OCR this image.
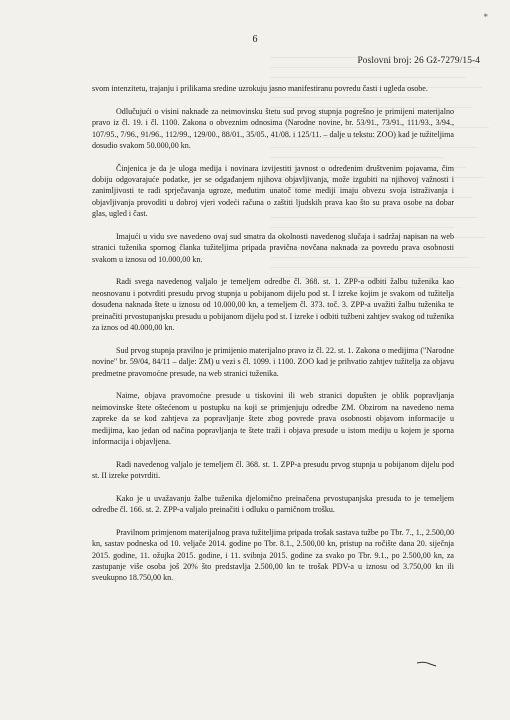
*
6
Poslovni broj: 26 Gž-7279/15-4

svom intenzitetu, trajanju i prilikama sredine uzrokuju jasno manifestiranu povredu časti i ugleda osobe.

Odlučujući o visini naknade za neimovinsku štetu sud prvog stupnja pogrešno je primijeni materijalno pravo iz čl. 19. i čl. 1100. Zakona o obveznim odnosima (Narodne novine, br. 53/91., 73/91., 111/93., 3/94., 107/95., 7/96., 91/96., 112/99., 129/00., 88/01., 35/05., 41/08. i 125/11. – dalje u tekstu: ZOO) kad je tužiteljima dosudio svakom 50.000,00 kn.

Činjenica je da je uloga medija i novinara izvijestiti javnost o određenim društvenim pojavama, čim dobiju odgovarajuće podatke, jer se odgađanjem njihova objavljivanja, može izgubiti na njihovoj važnosti i zanimljivosti te radi sprječavanja ugroze, međutim unatoč tome mediji imaju obvezu svoja istraživanja i objavljivanja provoditi u dobroj vjeri vodeći računa o zaštiti ljudskih prava kao što su prava osobe na dobar glas, ugled i čast.

Imajući u vidu sve navedeno ovaj sud smatra da okolnosti navedenog slučaja i sadržaj napisan na web stranici tuženika spornog članka tužiteljima pripada pravična novčana naknada za povredu prava osobnosti svakom u iznosu od 10.000,00 kn.

Radi svega navedenog valjalo je temeljem odredbe čl. 368. st. 1. ZPP-a odbiti žalbu tuženika kao neosnovanu i potvrditi presudu prvog stupnja u pobijanom dijelu pod st. I izreke kojim je svakom od tužitelja dosuđena naknada štete u iznosu od 10.000,00 kn, a temeljem čl. 373. toč. 3. ZPP-a uvažiti žalbu tuženika te preinačiti prvostupanjsku presudu u pobijanom dijelu pod st. I izreke i odbiti tužbeni zahtjev svakog od tuženika za iznos od 40.000,00 kn.

Sud prvog stupnja pravilno je primijenio materijalno pravo iz čl. 22. st. 1. Zakona o medijima ("Narodne novine" br. 59/04, 84/11 – dalje: ZM) u vezi s čl. 1099. i 1100. ZOO kad je prihvatio zahtjev tužitelja za objavu predmetne pravomoćne presude, na web stranici tuženika.

Naime, objava pravomoćne presude u tiskovini ili web stranici dopušten je oblik popravljanja neimovinske štete oštećenom u postupku na koji se primjenjuju odredbe ZM. Obzirom na navedeno nema zapreke da se kod zahtjeva za popravljanje štete zbog povrede prava osobnosti objavom informacije u medijima, kao jedan od načina popravljanja te štete traži i objava presude u istom mediju u kojem je sporna informacija i objavljena.

Radi navedenog valjalo je temeljem čl. 368. st. 1. ZPP-a presudu prvog stupnja u pobijanom dijelu pod st. II izreke potvrditi.

Kako je u uvažavanju žalbe tuženika djelomično preinačena prvostupanjska presuda to je temeljem odredbe čl. 166. st. 2. ZPP-a valjalo preinačiti i odluku o parničnom trošku.

Pravilnom primjenom materijalnog prava tužiteljima pripada trošak sastava tužbe po Tbr. 7., 1., 2.500,00 kn, sastav podneska od 10. veljače 2014. godine po Tbr. 8.1., 2.500,00 kn, pristup na ročište dana 20. siječnja 2015. godine, 11. ožujka 2015. godine, i 11. svibnja 2015. godine za svako po Tbr. 9.1., po 2.500,00 kn, za zastupanje više osoba još 20% što predstavlja 2.500,00 kn te trošak PDV-a u iznosu od 3.750,00 kn ili sveukupno 18.750,00 kn.
